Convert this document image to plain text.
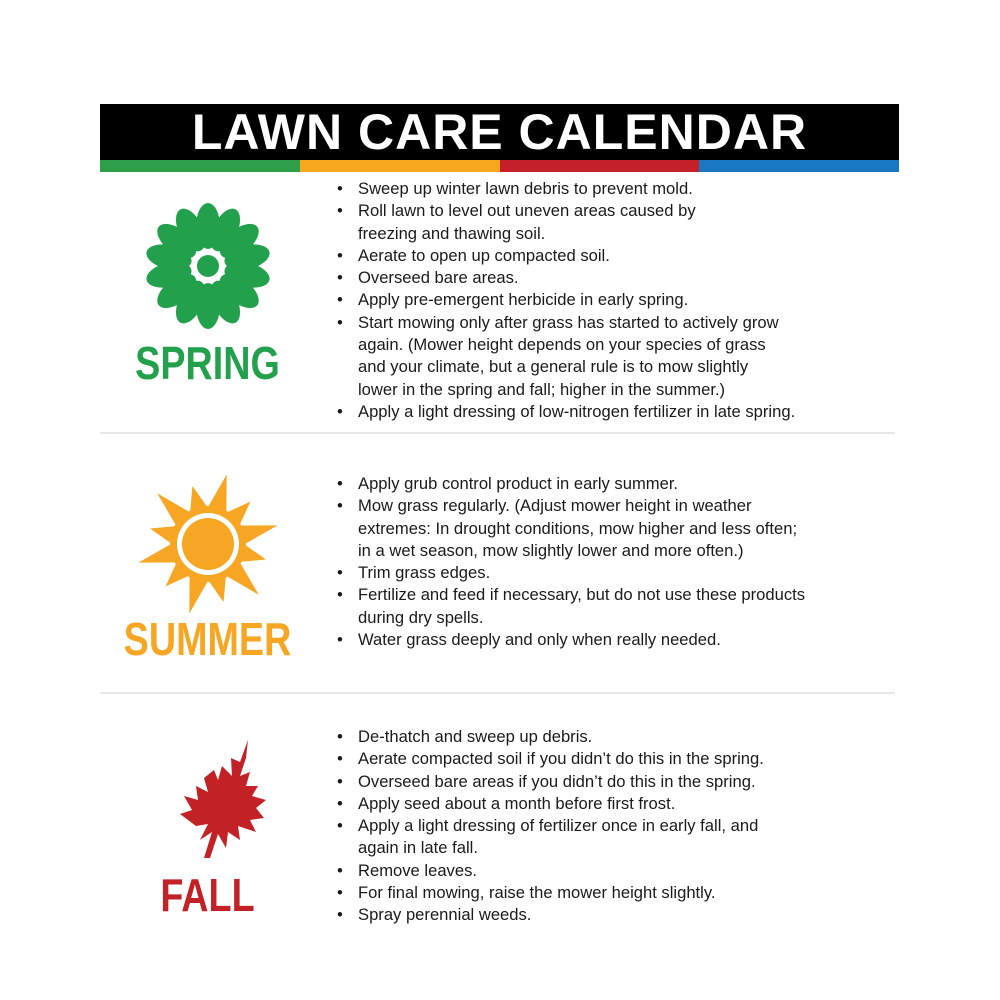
LAWN CARE CALENDAR
SPRING
• Sweep up winter lawn debris to prevent mold.
• Roll lawn to level out uneven areas caused by
freezing and thawing soil.
• Aerate to open up compacted soil.
• Overseed bare areas.
• Apply pre-emergent herbicide in early spring.
• Start mowing only after grass has started to actively grow
again. (Mower height depends on your species of grass
and your climate, but a general rule is to mow slightly
lower in the spring and fall; higher in the summer.)
• Apply a light dressing of low-nitrogen fertilizer in late spring.
SUMMER
• Apply grub control product in early summer.
• Mow grass regularly. (Adjust mower height in weather
extremes: In drought conditions, mow higher and less often;
in a wet season, mow slightly lower and more often.)
• Trim grass edges.
• Fertilize and feed if necessary, but do not use these products
during dry spells.
• Water grass deeply and only when really needed.
FALL
• De-thatch and sweep up debris.
• Aerate compacted soil if you didn’t do this in the spring.
• Overseed bare areas if you didn’t do this in the spring.
• Apply seed about a month before first frost.
• Apply a light dressing of fertilizer once in early fall, and
again in late fall.
• Remove leaves.
• For final mowing, raise the mower height slightly.
• Spray perennial weeds.
